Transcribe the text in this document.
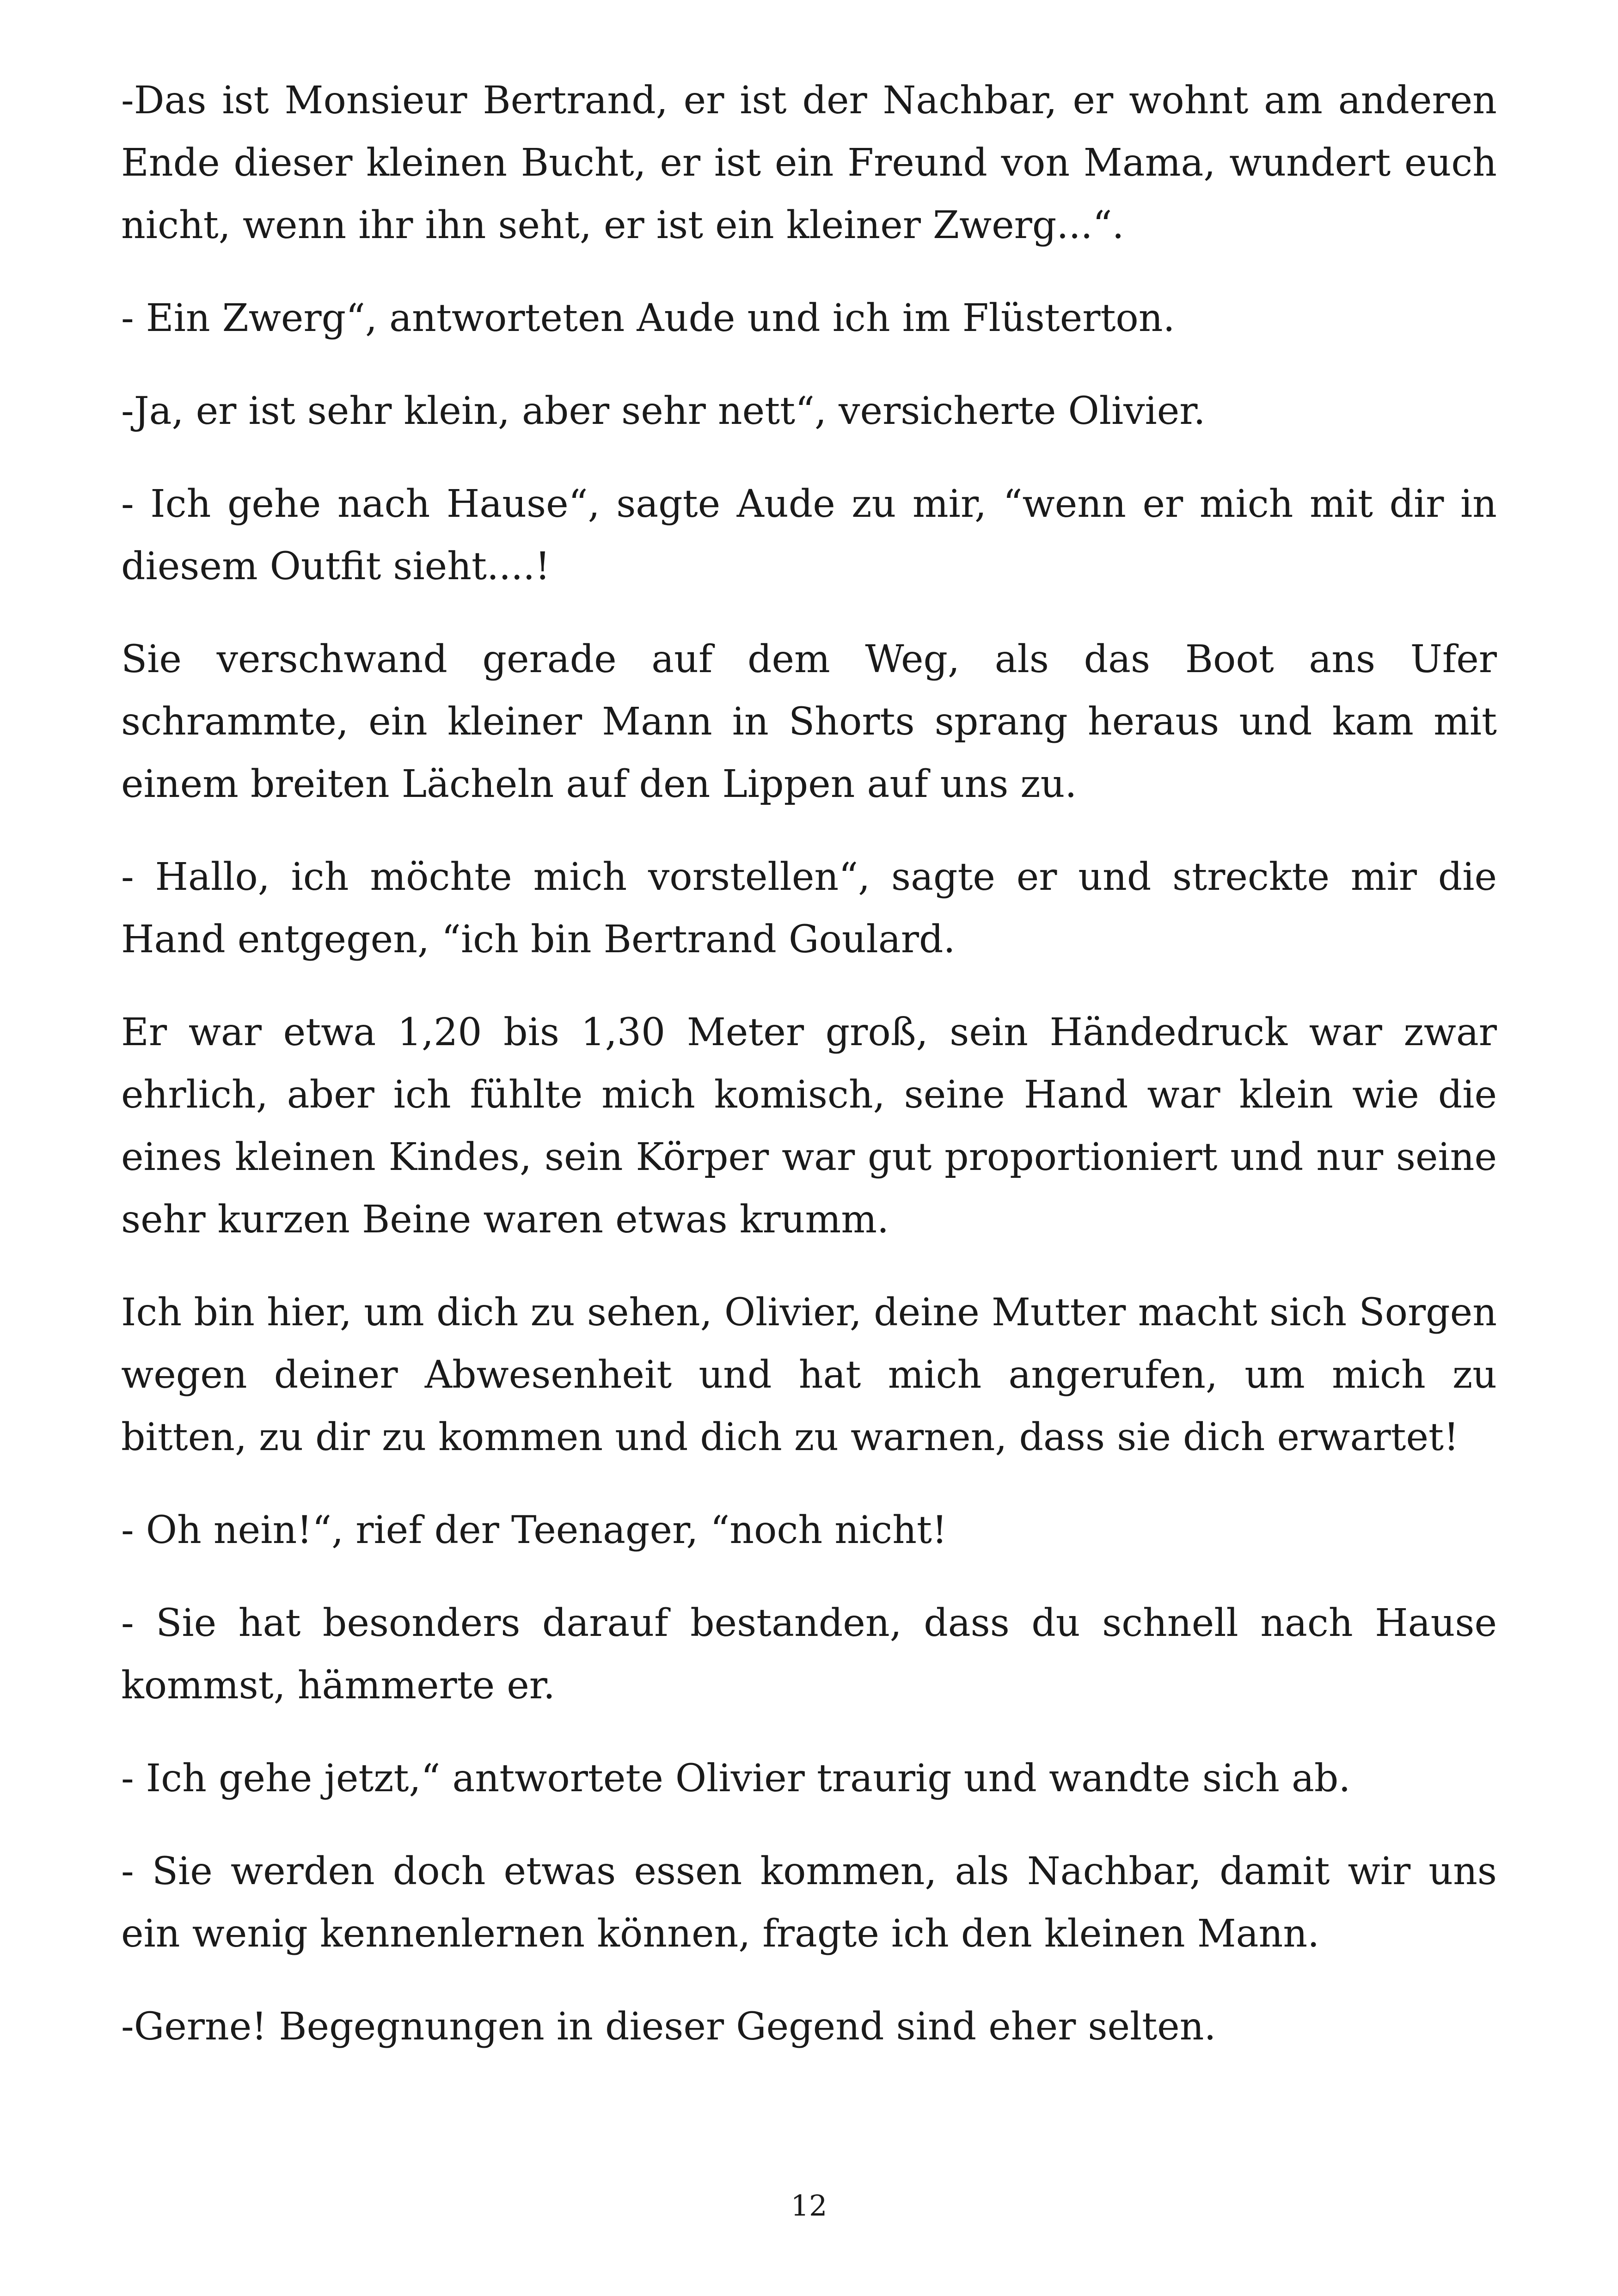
-Das ist Monsieur Bertrand, er ist der Nachbar, er wohnt am anderen Ende dieser kleinen Bucht, er ist ein Freund von Mama, wundert euch nicht, wenn ihr ihn seht, er ist ein kleiner Zwerg...“.

- Ein Zwerg“, antworteten Aude und ich im Flüsterton.

-Ja, er ist sehr klein, aber sehr nett“, versicherte Olivier.

- Ich gehe nach Hause“, sagte Aude zu mir, “wenn er mich mit dir in diesem Outfit sieht....!

Sie verschwand gerade auf dem Weg, als das Boot ans Ufer schrammte, ein kleiner Mann in Shorts sprang heraus und kam mit einem breiten Lächeln auf den Lippen auf uns zu.

- Hallo, ich möchte mich vorstellen“, sagte er und streckte mir die Hand entgegen, “ich bin Bertrand Goulard.

Er war etwa 1,20 bis 1,30 Meter groß, sein Händedruck war zwar ehrlich, aber ich fühlte mich komisch, seine Hand war klein wie die eines kleinen Kindes, sein Körper war gut proportioniert und nur seine sehr kurzen Beine waren etwas krumm.

Ich bin hier, um dich zu sehen, Olivier, deine Mutter macht sich Sorgen wegen deiner Abwesenheit und hat mich angerufen, um mich zu bitten, zu dir zu kommen und dich zu warnen, dass sie dich erwartet!

- Oh nein!“, rief der Teenager, “noch nicht!

- Sie hat besonders darauf bestanden, dass du schnell nach Hause kommst, hämmerte er.

- Ich gehe jetzt,“ antwortete Olivier traurig und wandte sich ab.

- Sie werden doch etwas essen kommen, als Nachbar, damit wir uns ein wenig kennenlernen können, fragte ich den kleinen Mann.

-Gerne! Begegnungen in dieser Gegend sind eher selten.

12
